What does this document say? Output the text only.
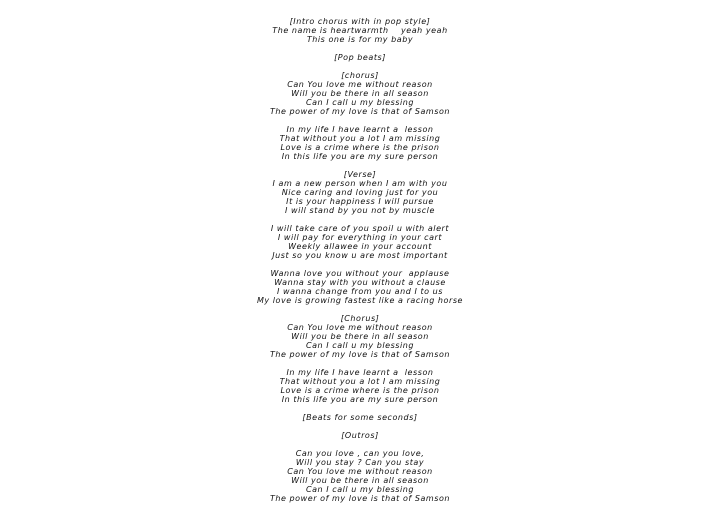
[Intro chorus with in pop style]
The name is heartwarmth    yeah yeah
This one is for my baby
[Pop beats]
[chorus]
Can You love me without reason
Will you be there in all season
Can I call u my blessing
The power of my love is that of Samson
In my life I have learnt a  lesson
That without you a lot I am missing
Love is a crime where is the prison
In this life you are my sure person
[Verse]
I am a new person when I am with you
Nice caring and loving just for you
It is your happiness I will pursue
I will stand by you not by muscle
I will take care of you spoil u with alert
I will pay for everything in your cart
Weekly allawee in your account
Just so you know u are most important
Wanna love you without your  applause
Wanna stay with you without a clause
I wanna change from you and I to us
My love is growing fastest like a racing horse
[Chorus]
Can You love me without reason
Will you be there in all season
Can I call u my blessing
The power of my love is that of Samson
In my life I have learnt a  lesson
That without you a lot I am missing
Love is a crime where is the prison
In this life you are my sure person
[Beats for some seconds]
[Outros]
Can you love , can you love,
Will you stay ? Can you stay
Can You love me without reason
Will you be there in all season
Can I call u my blessing
The power of my love is that of Samson
